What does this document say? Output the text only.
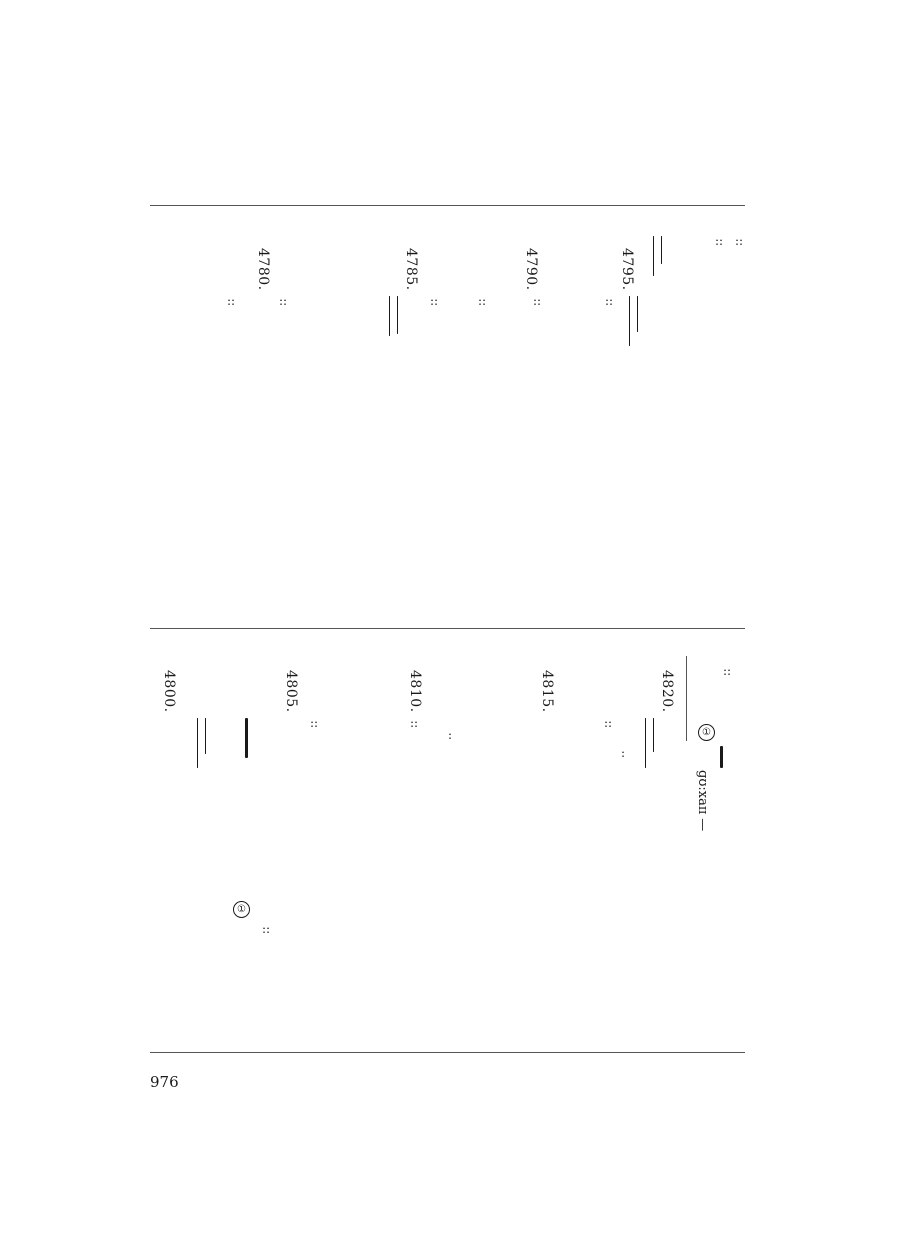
::
::
4795.
::
4790.
::
::
4785.
::
4780.
::
::
::
①
ɡʊ:xaɪɪ —
4820.
:
::
4815.
4810.
:
::
4805.
::
①
::
4800.
976
